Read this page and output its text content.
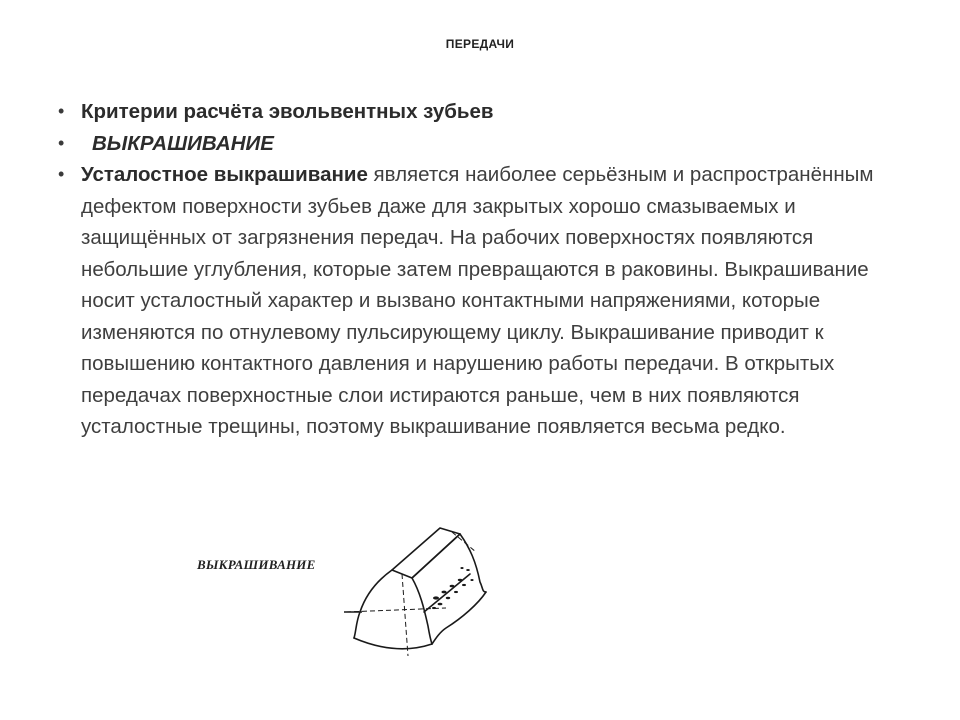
ПЕРЕДАЧИ
• Критерии расчёта эвольвентных зубьев
• ВЫКРАШИВАНИЕ
• Усталостное выкрашивание является наиболее серьёзным и распространённым дефектом поверхности зубьев даже для закрытых хорошо смазываемых и защищённых от загрязнения передач. На рабочих поверхностях появляются небольшие углубления, которые затем превращаются в раковины. Выкрашивание носит усталостный характер и вызвано контактными напряжениями, которые изменяются по отнулевому пульсирующему циклу. Выкрашивание приводит к повышению контактного давления и нарушению работы передачи. В открытых передачах поверхностные слои истираются раньше, чем в них появляются усталостные трещины, поэтому выкрашивание появляется весьма редко.
ВЫКРАШИВАНИЕ
